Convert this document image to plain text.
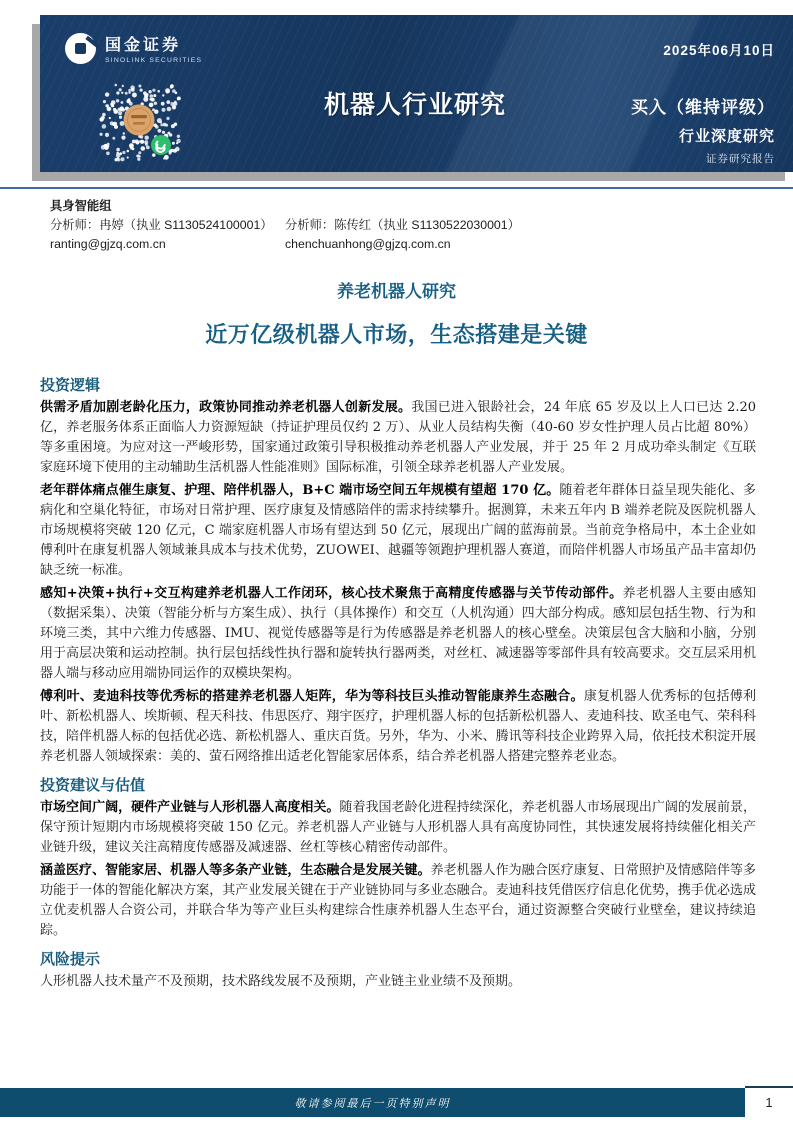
国金证券
SINOLINK SECURITIES
机器人行业研究
2025年06月10日
买入（维持评级）
行业深度研究
证券研究报告
具身智能组
分析师：冉婷（执业 S1130524100001）
ranting@gjzq.com.cn
分析师：陈传红（执业 S1130522030001）
chenchuanhong@gjzq.com.cn
养老机器人研究
近万亿级机器人市场，生态搭建是关键
投资逻辑

供需矛盾加剧老龄化压力，政策协同推动养老机器人创新发展。我国已进入银龄社会，24 年底 65 岁及以上人口已达 2.20 亿，养老服务体系正面临人力资源短缺（持证护理员仅约 2 万）、从业人员结构失衡（40-60 岁女性护理人员占比超 80%）等多重困境。为应对这一严峻形势，国家通过政策引导积极推动养老机器人产业发展，并于 25 年 2 月成功牵头制定《互联家庭环境下使用的主动辅助生活机器人性能准则》国际标准，引领全球养老机器人产业发展。

老年群体痛点催生康复、护理、陪伴机器人，B+C 端市场空间五年规模有望超 170 亿。随着老年群体日益呈现失能化、多病化和空巢化特征，市场对日常护理、医疗康复及情感陪伴的需求持续攀升。据测算，未来五年内 B 端养老院及医院机器人市场规模将突破 120 亿元，C 端家庭机器人市场有望达到 50 亿元，展现出广阔的蓝海前景。当前竞争格局中，本土企业如傅利叶在康复机器人领域兼具成本与技术优势，ZUOWEI、越疆等领跑护理机器人赛道，而陪伴机器人市场虽产品丰富却仍缺乏统一标准。

感知+决策+执行+交互构建养老机器人工作闭环，核心技术聚焦于高精度传感器与关节传动部件。养老机器人主要由感知（数据采集）、决策（智能分析与方案生成）、执行（具体操作）和交互（人机沟通）四大部分构成。感知层包括生物、行为和环境三类，其中六维力传感器、IMU、视觉传感器等是行为传感器是养老机器人的核心壁垒。决策层包含大脑和小脑，分别用于高层决策和运动控制。执行层包括线性执行器和旋转执行器两类，对丝杠、减速器等零部件具有较高要求。交互层采用机器人端与移动应用端协同运作的双模块架构。

傅利叶、麦迪科技等优秀标的搭建养老机器人矩阵，华为等科技巨头推动智能康养生态融合。康复机器人优秀标的包括傅利叶、新松机器人、埃斯顿、程天科技、伟思医疗、翔宇医疗，护理机器人标的包括新松机器人、麦迪科技、欧圣电气、荣科科技，陪伴机器人标的包括优必选、新松机器人、重庆百货。另外，华为、小米、腾讯等科技企业跨界入局，依托技术积淀开展养老机器人领域探索：美的、萤石网络推出适老化智能家居体系，结合养老机器人搭建完整养老业态。

投资建议与估值

市场空间广阔，硬件产业链与人形机器人高度相关。随着我国老龄化进程持续深化，养老机器人市场展现出广阔的发展前景，保守预计短期内市场规模将突破 150 亿元。养老机器人产业链与人形机器人具有高度协同性，其快速发展将持续催化相关产业链升级，建议关注高精度传感器及减速器、丝杠等核心精密传动部件。

涵盖医疗、智能家居、机器人等多条产业链，生态融合是发展关键。养老机器人作为融合医疗康复、日常照护及情感陪伴等多功能于一体的智能化解决方案，其产业发展关键在于产业链协同与多业态融合。麦迪科技凭借医疗信息化优势，携手优必选成立优麦机器人合资公司，并联合华为等产业巨头构建综合性康养机器人生态平台，通过资源整合突破行业壁垒，建议持续追踪。

风险提示

人形机器人技术量产不及预期，技术路线发展不及预期，产业链主业业绩不及预期。

敬请参阅最后一页特别声明	1
